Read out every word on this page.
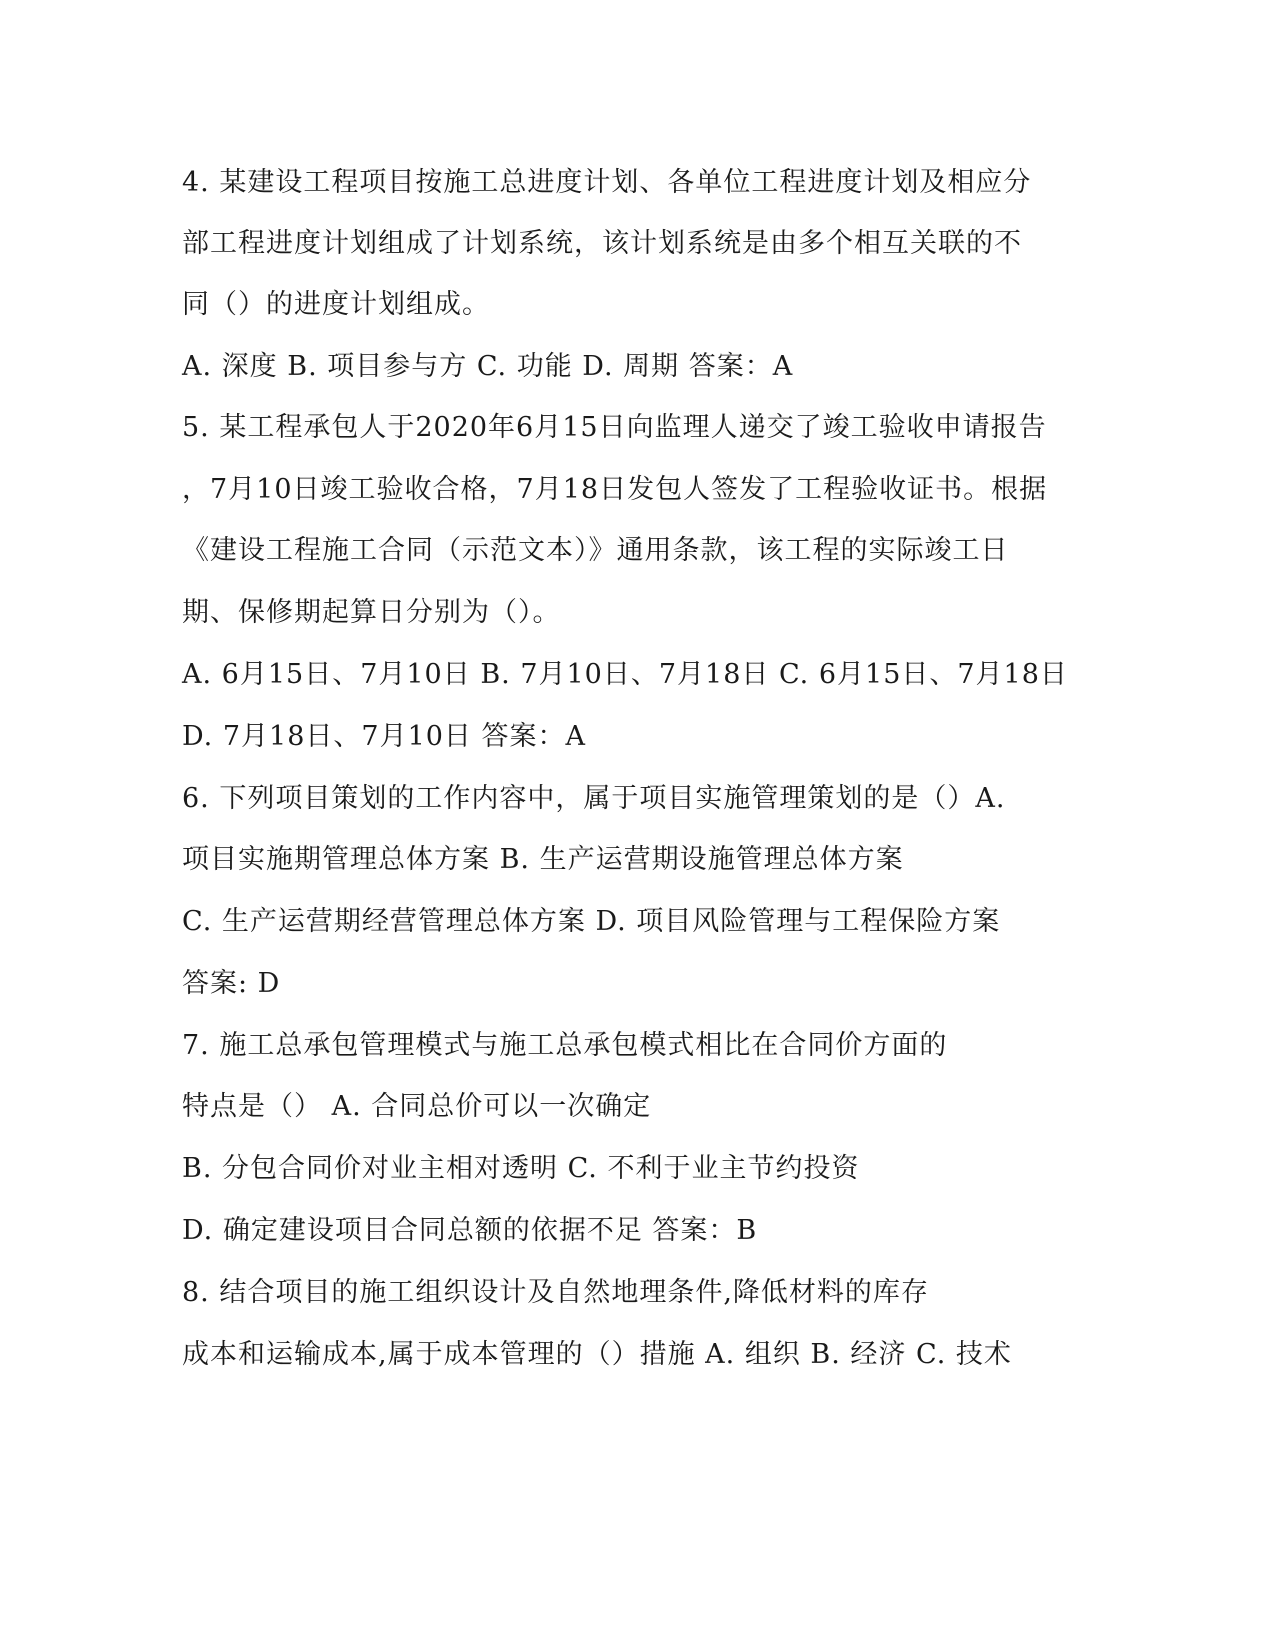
4. 某建设工程项目按施工总进度计划、各单位工程进度计划及相应分
部工程进度计划组成了计划系统，该计划系统是由多个相互关联的不
同（）的进度计划组成。
A. 深度 B. 项目参与方 C. 功能 D. 周期 答案：A
5. 某工程承包人于2020年6月15日向监理人递交了竣工验收申请报告
，7月10日竣工验收合格，7月18日发包人签发了工程验收证书。根据
《建设工程施工合同（示范文本）》通用条款，该工程的实际竣工日
期、保修期起算日分别为（）。
A. 6月15日、7月10日 B. 7月10日、7月18日 C. 6月15日、7月18日
D. 7月18日、7月10日 答案：A
6. 下列项目策划的工作内容中，属于项目实施管理策划的是（）A.
项目实施期管理总体方案 B. 生产运营期设施管理总体方案
C. 生产运营期经营管理总体方案 D. 项目风险管理与工程保险方案
答案: D
7. 施工总承包管理模式与施工总承包模式相比在合同价方面的
特点是（） A. 合同总价可以一次确定
B. 分包合同价对业主相对透明 C. 不利于业主节约投资
D. 确定建设项目合同总额的依据不足 答案：B
8. 结合项目的施工组织设计及自然地理条件,降低材料的库存
成本和运输成本,属于成本管理的（）措施 A. 组织 B. 经济 C. 技术
